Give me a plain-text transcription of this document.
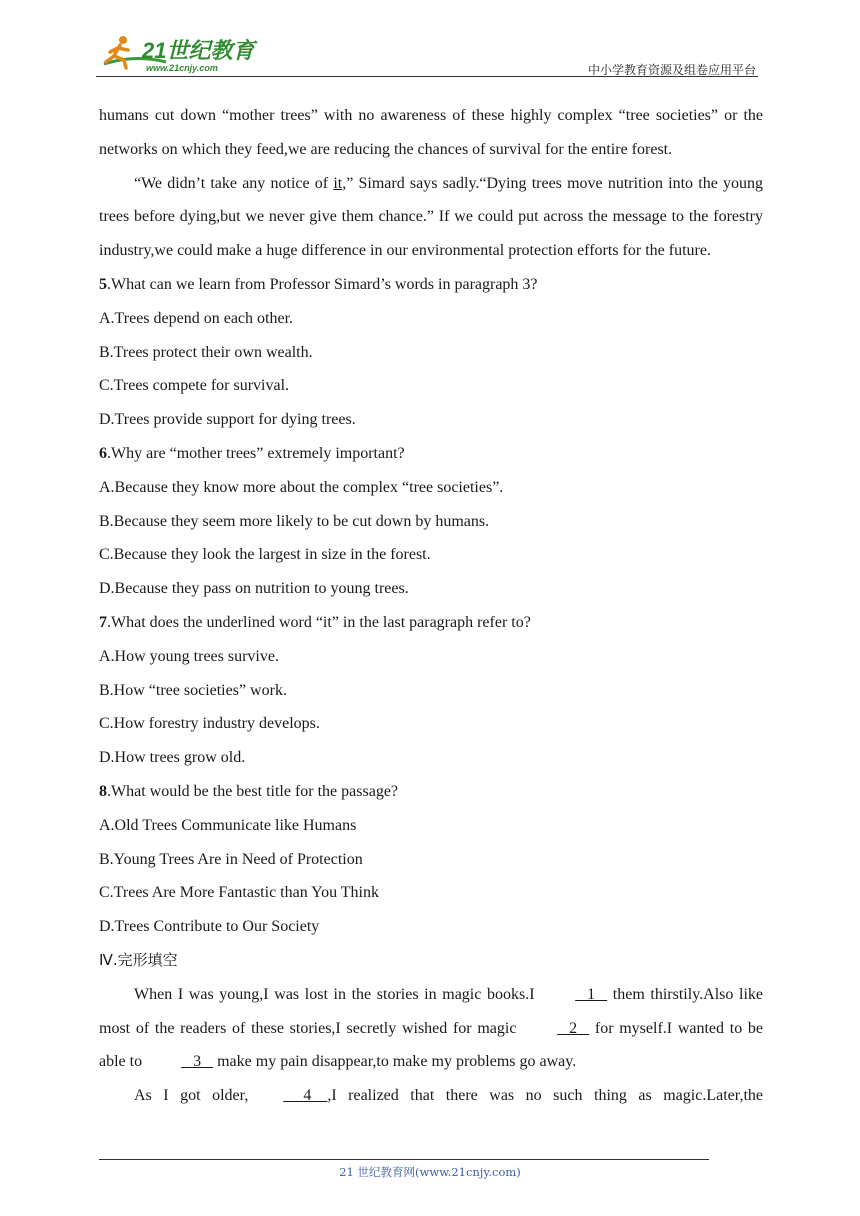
21世纪教育
www.21cnjy.com	中小学教育资源及组卷应用平台

humans cut down “mother trees” with no awareness of these highly complex “tree societies” or the networks on which they feed,we are reducing the chances of survival for the entire forest.

“We didn’t take any notice of it,” Simard says sadly.“Dying trees move nutrition into the young trees before dying,but we never give them chance.” If we could put across the message to the forestry industry,we could make a huge difference in our environmental protection efforts for the future.

5.What can we learn from Professor Simard’s words in paragraph 3?

A.Trees depend on each other.

B.Trees protect their own wealth.

C.Trees compete for survival.

D.Trees provide support for dying trees.

6.Why are “mother trees” extremely important?

A.Because they know more about the complex “tree societies”.

B.Because they seem more likely to be cut down by humans.

C.Because they look the largest in size in the forest.

D.Because they pass on nutrition to young trees.

7.What does the underlined word “it” in the last paragraph refer to?

A.How young trees survive.

B.How “tree societies” work.

C.How forestry industry develops.

D.How trees grow old.

8.What would be the best title for the passage?

A.Old Trees Communicate like Humans

B.Young Trees Are in Need of Protection

C.Trees Are More Fantastic than You Think

D.Trees Contribute to Our Society

Ⅳ.完形填空

When I was young,I was lost in the stories in magic books.I    1    them thirstily.Also like most of the readers of these stories,I secretly wished for magic    2    for myself.I wanted to be able to    3    make my pain disappear,to make my problems go away.

As I got older,     4    ,I realized that there was no such thing as magic.Later,the

21 世纪教育网(www.21cnjy.com)
